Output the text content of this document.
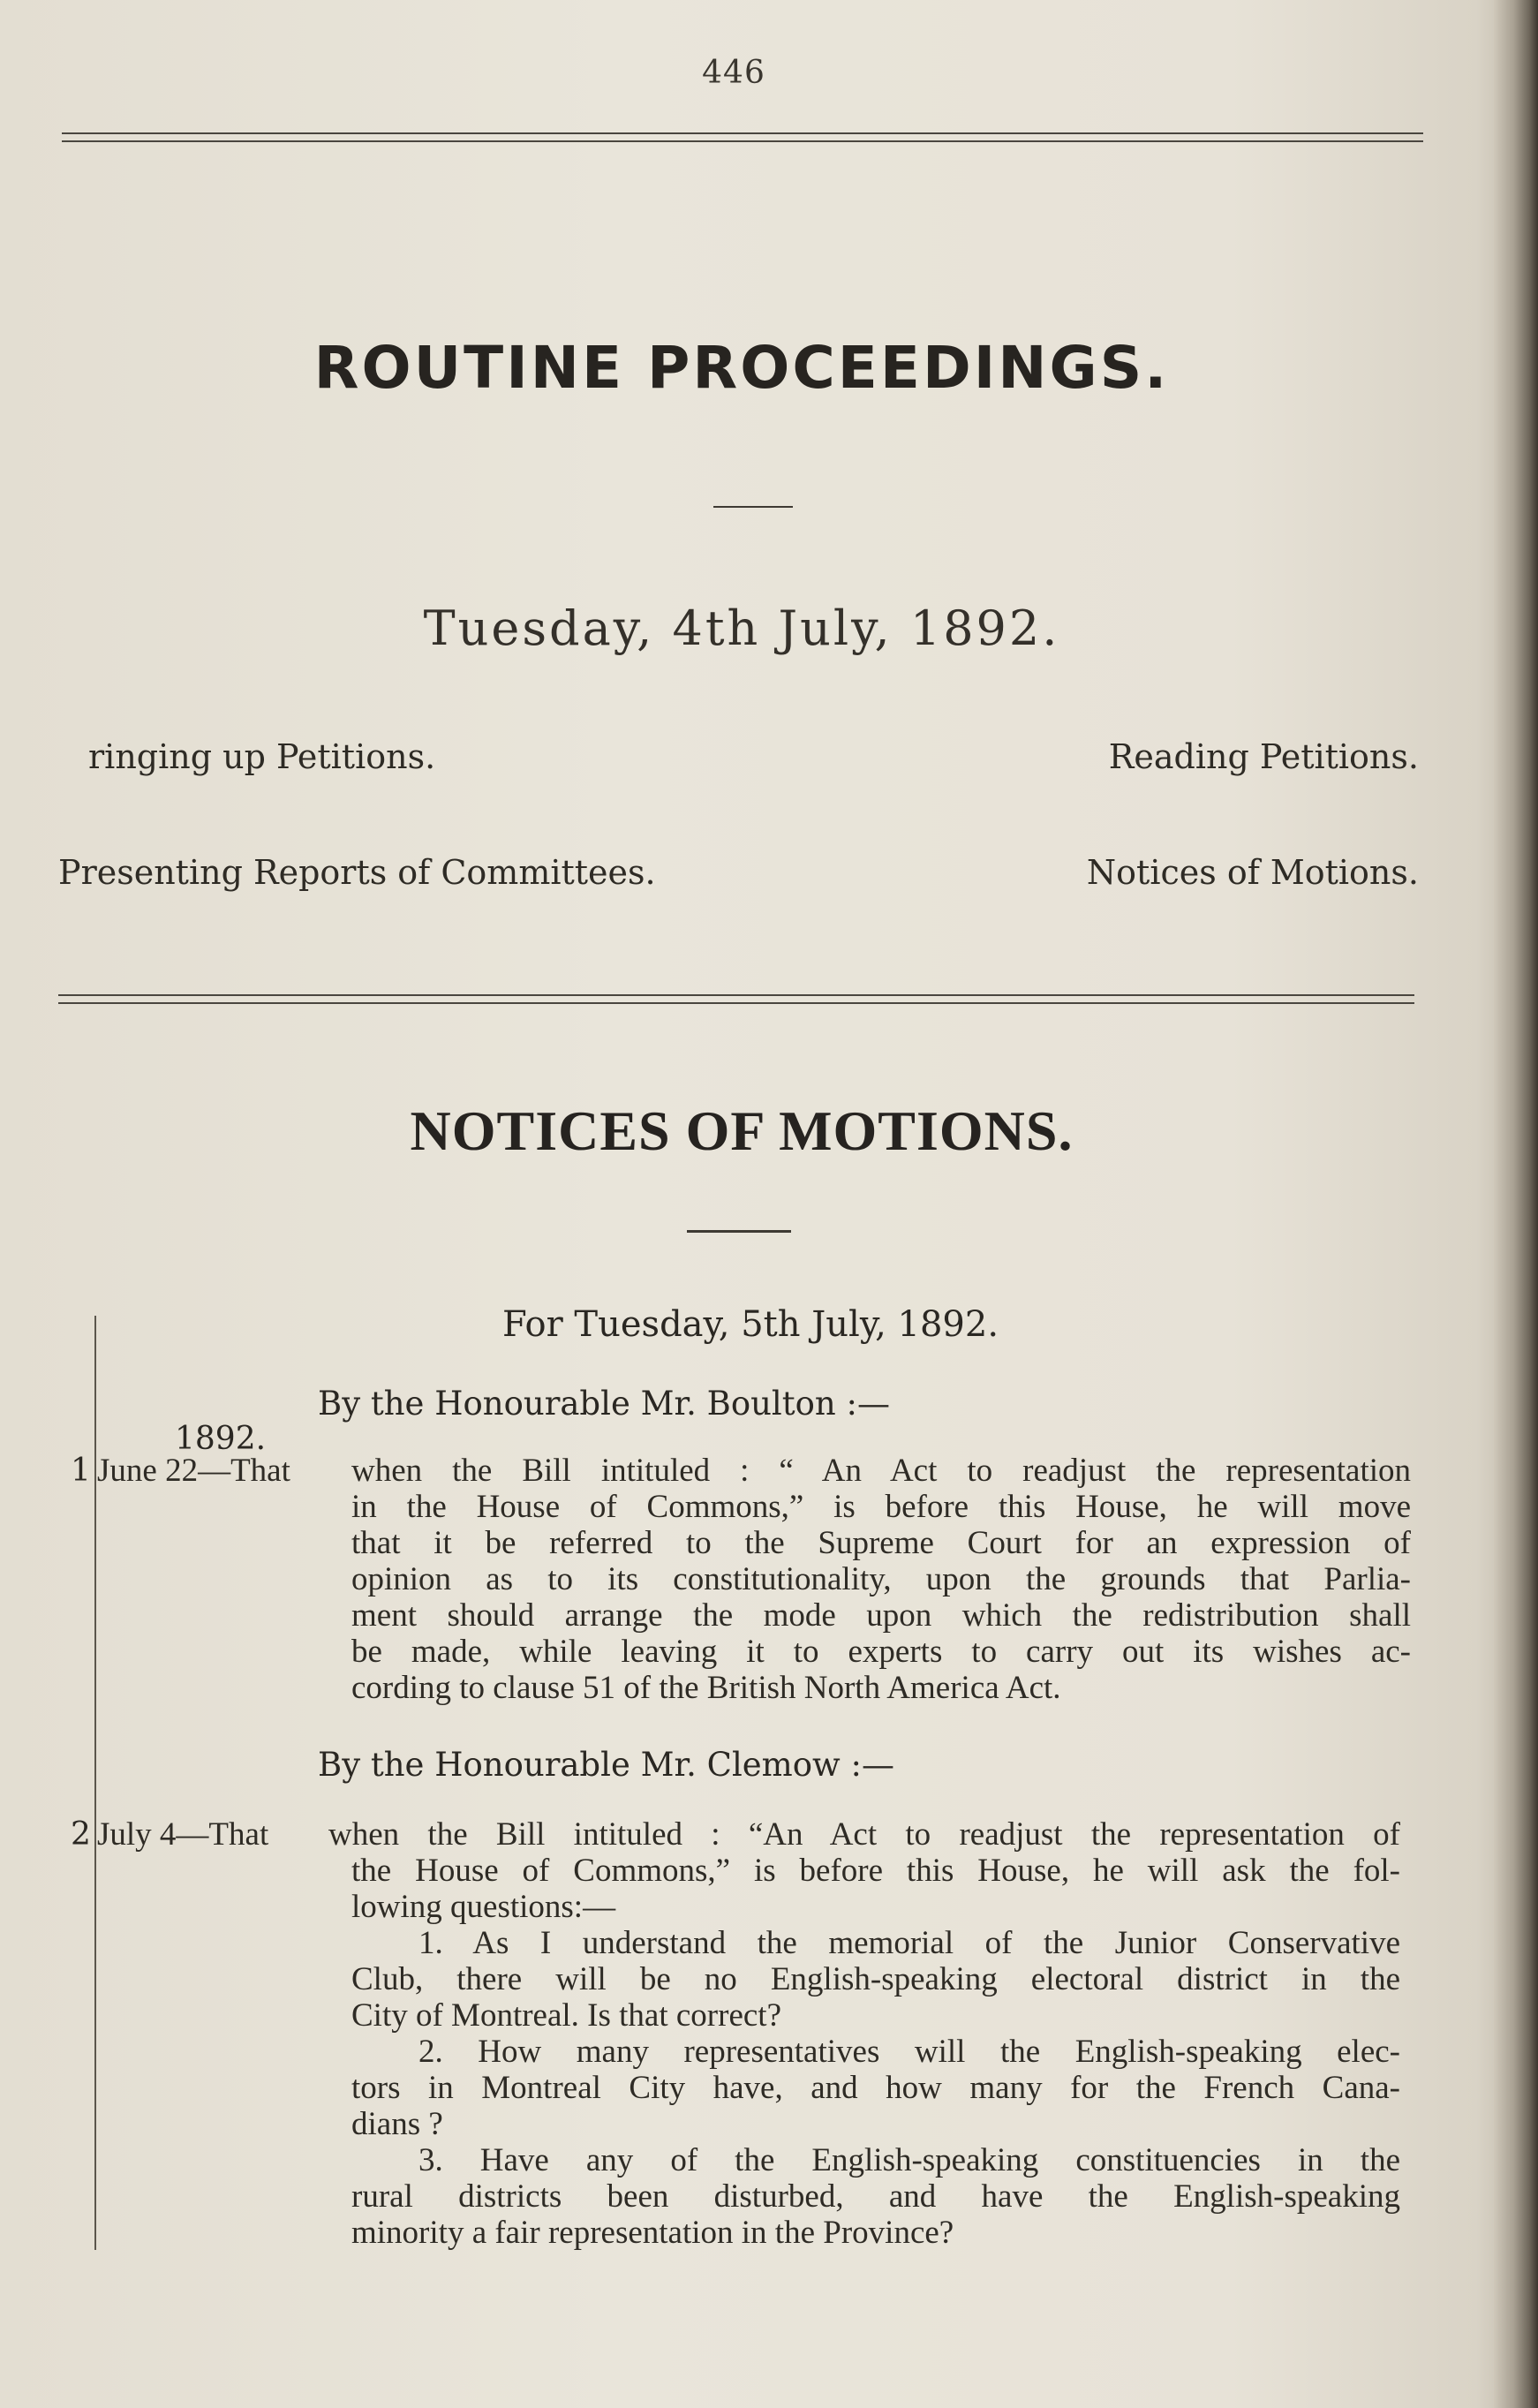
446
ROUTINE PROCEEDINGS.
Tuesday, 4th July, 1892.
ringing up Petitions.	Reading Petitions.
Presenting Reports of Committees.	Notices of Motions.
NOTICES OF MOTIONS.
For Tuesday, 5th July, 1892.
By the Honourable Mr. Boulton :—
1892.
1 June 22—That when the Bill intituled : “ An Act to readjust the representation
in the House of Commons,” is before this House, he will move
that it be referred to the Supreme Court for an expression of
opinion as to its constitutionality, upon the grounds that Parlia-
ment should arrange the mode upon which the redistribution shall
be made, while leaving it to experts to carry out its wishes ac-
cording to clause 51 of the British North America Act.
By the Honourable Mr. Clemow :—
2 July 4—That when the Bill intituled : “An Act to readjust the representation of
the House of Commons,” is before this House, he will ask the fol-
lowing questions:—
1. As I understand the memorial of the Junior Conservative
Club, there will be no English-speaking electoral district in the
City of Montreal. Is that correct?
2. How many representatives will the English-speaking elec-
tors in Montreal City have, and how many for the French Cana-
dians ?
3. Have any of the English-speaking constituencies in the
rural districts been disturbed, and have the English-speaking
minority a fair representation in the Province?
